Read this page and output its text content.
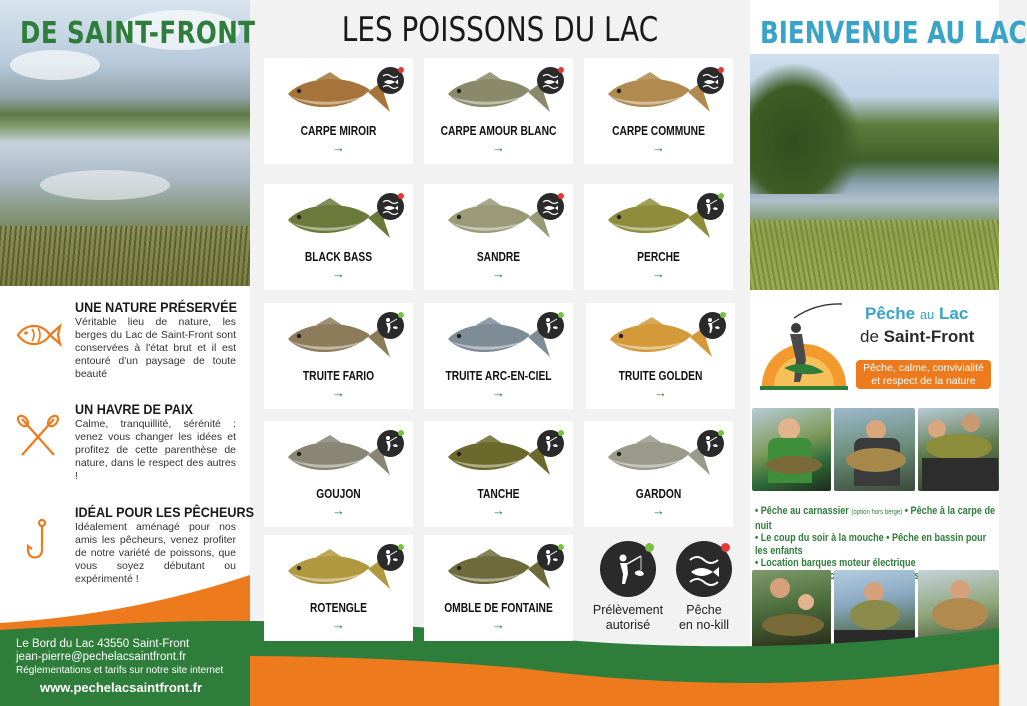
DE SAINT-FRONT
UNE NATURE PRÉSERVÉE

Véritable lieu de nature, les berges du Lac de Saint-Front sont conservées à l'état brut et il est entouré d'un paysage de toute beauté

UN HAVRE DE PAIX

Calme, tranquillité, sérénité : venez vous changer les idées et profitez de cette parenthèse de nature, dans le respect des autres !

IDÉAL POUR LES PÊCHEURS

Idéalement aménagé pour nos amis les pêcheurs, venez profiter de notre variété de poissons, que vous soyez débutant ou expérimenté !

BIENVENUE AU LAC
Pêche au Lac
de Saint-Front
Pêche, calme, convivialité
et respect de la nature
• Pêche au carnassier (option hors berge) • Pêche à la carpe de nuit
• Le coup du soir à la mouche • Pêche en bassin pour les enfants
• Location barques moteur électrique
Le Bord du Lac 43550 Saint-Front
jean-pierre@pechelacsaintfront.fr
Réglementations et tarifs sur notre site internet
www.pechelacsaintfront.fr
LES POISSONS DU LAC
CARPE MIROIR
→
CARPE AMOUR BLANC
→
CARPE COMMUNE
→
BLACK BASS
→
SANDRE
→
PERCHE
→
TRUITE FARIO
→
TRUITE ARC-EN-CIEL
→
TRUITE GOLDEN
→
GOUJON
→
TANCHE
→
GARDON
→
ROTENGLE
→
OMBLE DE FONTAINE
→
Prélèvement
autorisé
Pêche
en no-kill
